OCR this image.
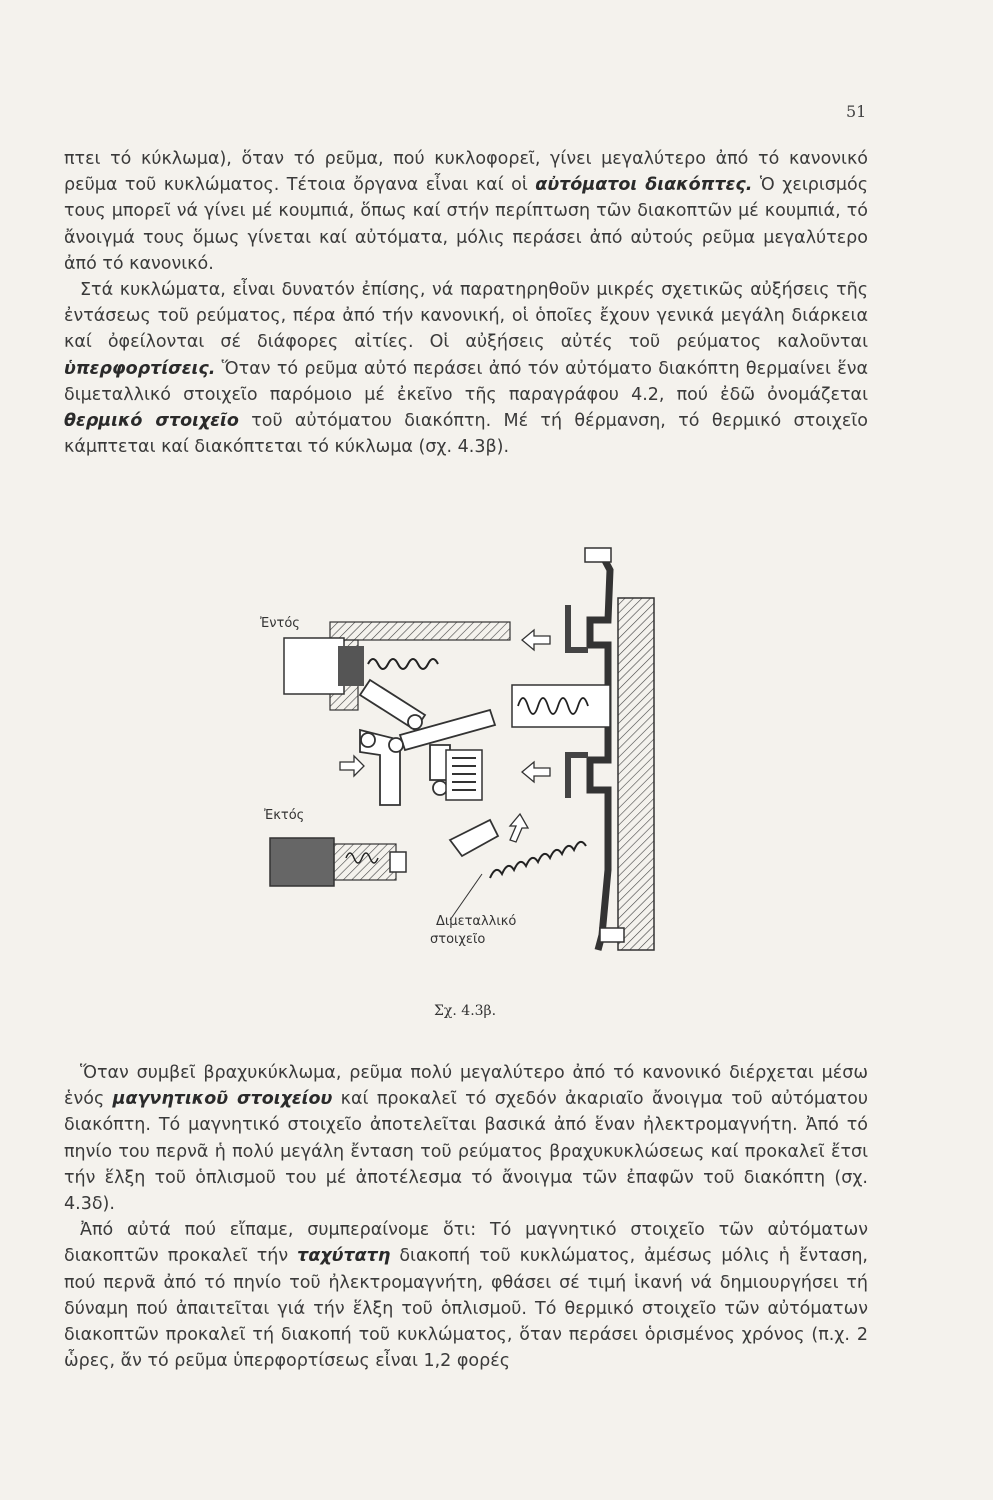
51

πτει τό κύκλωμα), ὅταν τό ρεῦμα, πού κυκλοφορεῖ, γίνει μεγαλύτερο ἀπό τό κανονικό ρεῦμα τοῦ κυκλώματος. Τέτοια ὄργανα εἶναι καί οἱ αὐτόματοι διακόπτες. Ὁ χειρισμός τους μπορεῖ νά γίνει μέ κουμπιά, ὅπως καί στήν περίπτωση τῶν διακοπτῶν μέ κουμπιά, τό ἄνοιγμά τους ὅμως γίνεται καί αὐτόματα, μόλις περάσει ἀπό αὐτούς ρεῦμα μεγαλύτερο ἀπό τό κανονικό.

Στά κυκλώματα, εἶναι δυνατόν ἐπίσης, νά παρατηρηθοῦν μικρές σχετικῶς αὐξήσεις τῆς ἐντάσεως τοῦ ρεύματος, πέρα ἀπό τήν κανονική, οἱ ὁποῖες ἔχουν γενικά μεγάλη διάρκεια καί ὀφείλονται σέ διάφορες αἰτίες. Οἱ αὐξήσεις αὐτές τοῦ ρεύματος καλοῦνται ὑπερφορτίσεις. Ὅταν τό ρεῦμα αὐτό περάσει ἀπό τόν αὐτόματο διακόπτη θερμαίνει ἕνα διμεταλλικό στοιχεῖο παρόμοιο μέ ἐκεῖνο τῆς παραγράφου 4.2, πού ἐδῶ ὀνομάζεται θερμικό στοιχεῖο τοῦ αὐτόματου διακόπτη. Μέ τή θέρμανση, τό θερμικό στοιχεῖο κάμπτεται καί διακόπτεται τό κύκλωμα (σχ. 4.3β).

Ἐντός
Ἐκτός
Διμεταλλικό
στοιχεῖο
Σχ. 4.3β.

Ὅταν συμβεῖ βραχυκύκλωμα, ρεῦμα πολύ μεγαλύτερο ἀπό τό κανονικό διέρχεται μέσω ἑνός μαγνητικοῦ στοιχείου καί προκαλεῖ τό σχεδόν ἀκαριαῖο ἄνοιγμα τοῦ αὐτόματου διακόπτη. Τό μαγνητικό στοιχεῖο ἀποτελεῖται βασικά ἀπό ἕναν ἠλεκτρομαγνήτη. Ἀπό τό πηνίο του περνᾶ ἡ πολύ μεγάλη ἔνταση τοῦ ρεύματος βραχυκυκλώσεως καί προκαλεῖ ἔτσι τήν ἕλξη τοῦ ὁπλισμοῦ του μέ ἀποτέλεσμα τό ἄνοιγμα τῶν ἐπαφῶν τοῦ διακόπτη (σχ. 4.3δ).

Ἀπό αὐτά πού εἴπαμε, συμπεραίνομε ὅτι: Τό μαγνητικό στοιχεῖο τῶν αὐτόματων διακοπτῶν προκαλεῖ τήν ταχύτατη διακοπή τοῦ κυκλώματος, ἀμέσως μόλις ἡ ἔνταση, πού περνᾶ ἀπό τό πηνίο τοῦ ἠλεκτρομαγνήτη, φθάσει σέ τιμή ἱκανή νά δημιουργήσει τή δύναμη πού ἀπαιτεῖται γιά τήν ἕλξη τοῦ ὁπλισμοῦ. Τό θερμικό στοιχεῖο τῶν αὐτόματων διακοπτῶν προκαλεῖ τή διακοπή τοῦ κυκλώματος, ὅταν περάσει ὁρισμένος χρόνος (π.χ. 2 ὧρες, ἄν τό ρεῦμα ὑπερφορτίσεως εἶναι 1,2 φορές
